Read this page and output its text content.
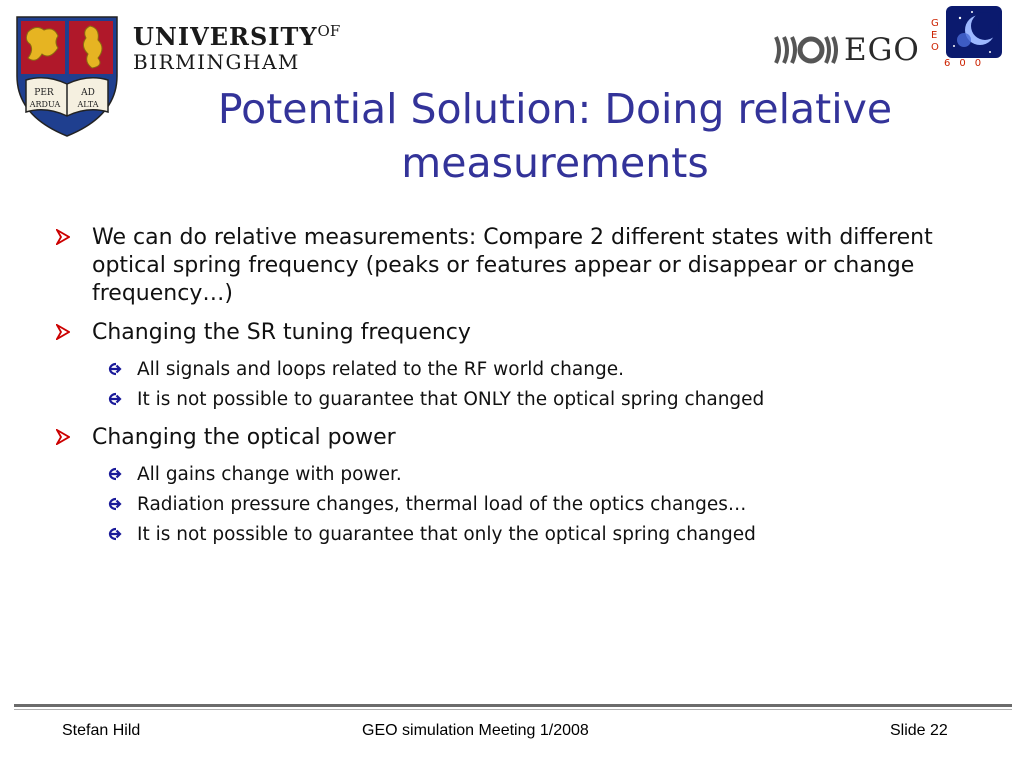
PER	AD
ARDUA ALTA
$UNIVERSITY^{OF}$
BIRMINGHAM	EGO
G
E
O
600
Potential Solution: Doing relative measurements
We can do relative measurements: Compare 2 different states with different optical spring frequency (peaks or features appear or disappear or change frequency…)
Changing the SR tuning frequency
All signals and loops related to the RF world change.
It is not possible to guarantee that ONLY the optical spring changed
Changing the optical power
All gains change with power.
Radiation pressure changes, thermal load of the optics changes…
It is not possible to guarantee that only the optical spring changed
Stefan Hild	GEO simulation Meeting 1/2008	Slide 22
